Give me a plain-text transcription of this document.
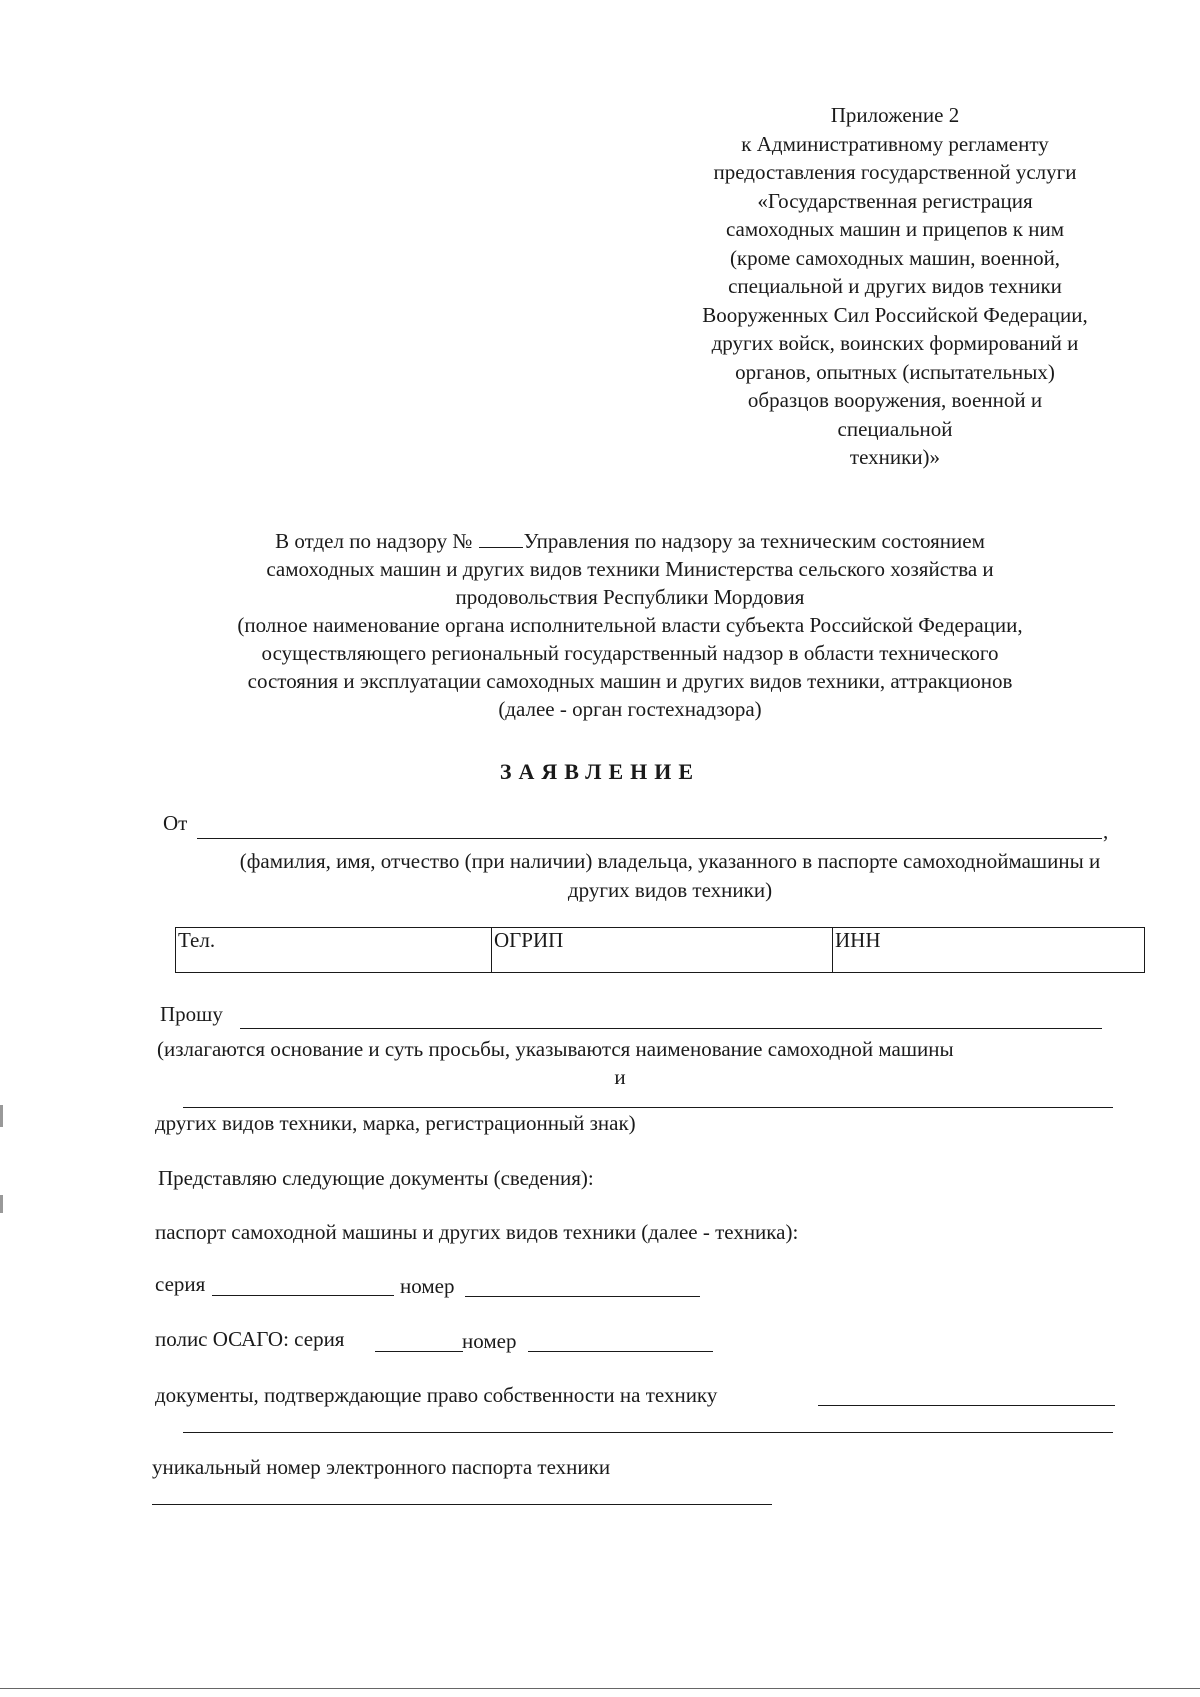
Приложение 2
к Административному регламенту
предоставления государственной услуги
«Государственная регистрация
самоходных машин и прицепов к ним
(кроме самоходных машин, военной,
специальной и других видов техники
Вооруженных Сил Российской Федерации,
других войск, воинских формирований и
органов, опытных (испытательных)
образцов вооружения, военной и
специальной
техники)»
В отдел по надзору № Управления по надзору за техническим состоянием
самоходных машин и других видов техники Министерства сельского хозяйства и
продовольствия Республики Мордовия
(полное наименование органа исполнительной власти субъекта Российской Федерации,
осуществляющего региональный государственный надзор в области технического
состояния и эксплуатации самоходных машин и других видов техники, аттракционов
(далее - орган гостехнадзора)
ЗАЯВЛЕНИЕ
От	,
(фамилия, имя, отчество (при наличии) владельца, указанного в паспорте самоходноймашины и
других видов техники)
Тел.	ОГРИП	ИНН
Прошу
(излагаются основание и суть просьбы, указываются наименование самоходной машины
и
других видов техники, марка, регистрационный знак)
Представляю следующие документы (сведения):
паспорт самоходной машины и других видов техники (далее - техника):
серия	номер
полис ОСАГО: серия	номер
документы, подтверждающие право собственности на технику
уникальный номер электронного паспорта техники
